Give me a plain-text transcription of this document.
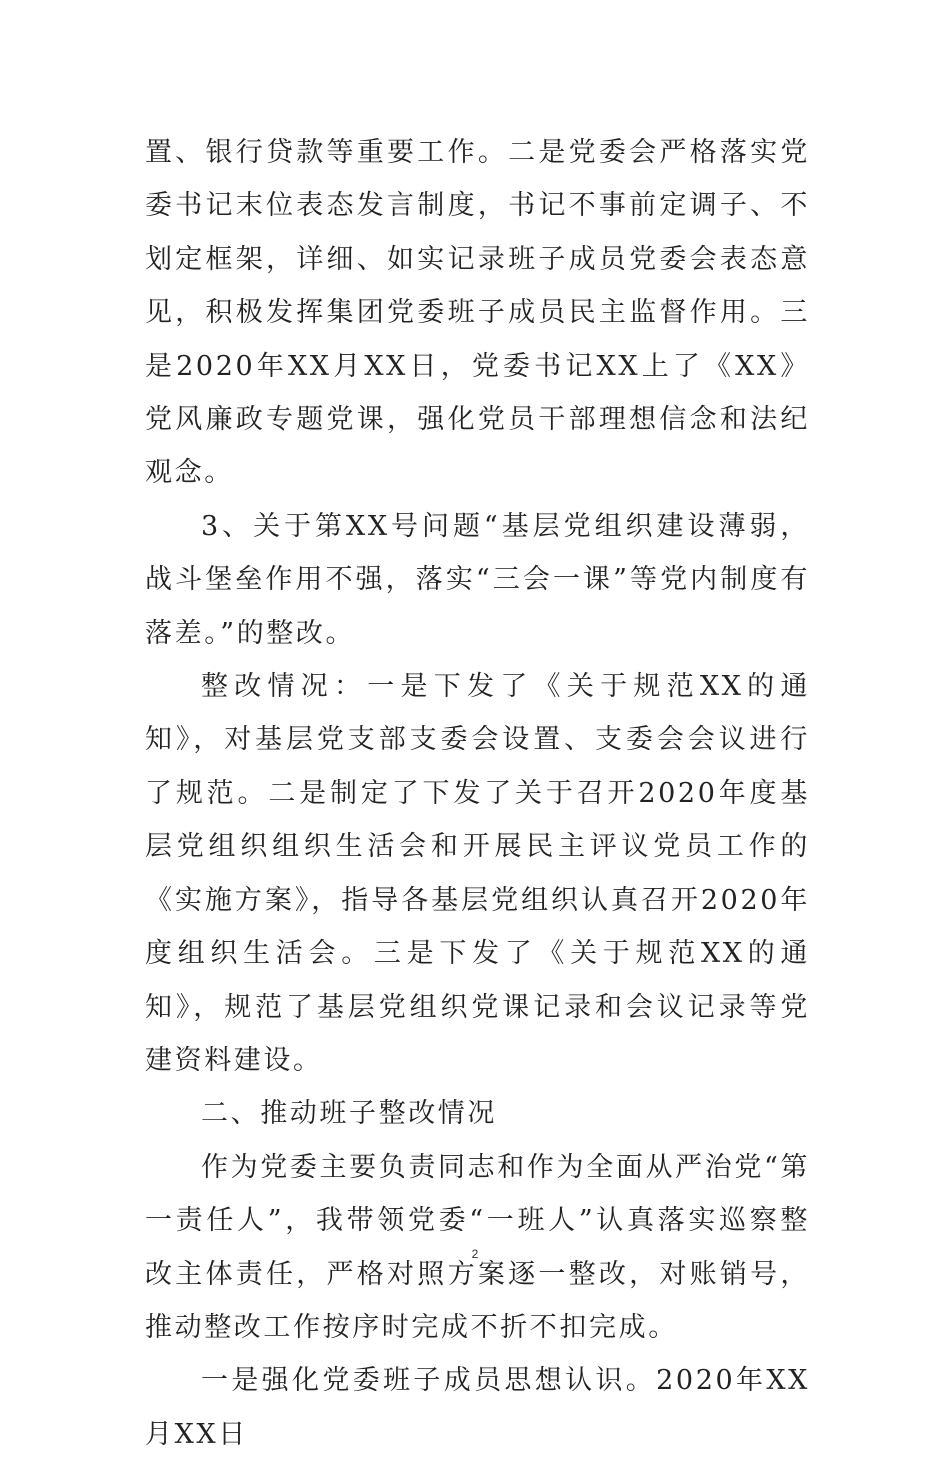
置、银行贷款等重要工作。二是党委会严格落实党委书记末位表态发言制度，书记不事前定调子、不划定框架，详细、如实记录班子成员党委会表态意见，积极发挥集团党委班子成员民主监督作用。三是2020年XX月XX日，党委书记XX上了《XX》党风廉政专题党课，强化党员干部理想信念和法纪观念。

3、关于第XX号问题“基层党组织建设薄弱，战斗堡垒作用不强，落实“三会一课”等党内制度有落差。”的整改。

整改情况：一是下发了《关于规范XX的通知》，对基层党支部支委会设置、支委会会议进行了规范。二是制定了下发了关于召开2020年度基层党组织组织生活会和开展民主评议党员工作的《实施方案》，指导各基层党组织认真召开2020年度组织生活会。三是下发了《关于规范XX的通知》，规范了基层党组织党课记录和会议记录等党建资料建设。

二、推动班子整改情况

作为党委主要负责同志和作为全面从严治党“第一责任人”，我带领党委“一班人”认真落实巡察整改主体责任，严格对照方案逐一整改，对账销号，推动整改工作按序时完成不折不扣完成。

一是强化党委班子成员思想认识。2020年XX月XX日

2
